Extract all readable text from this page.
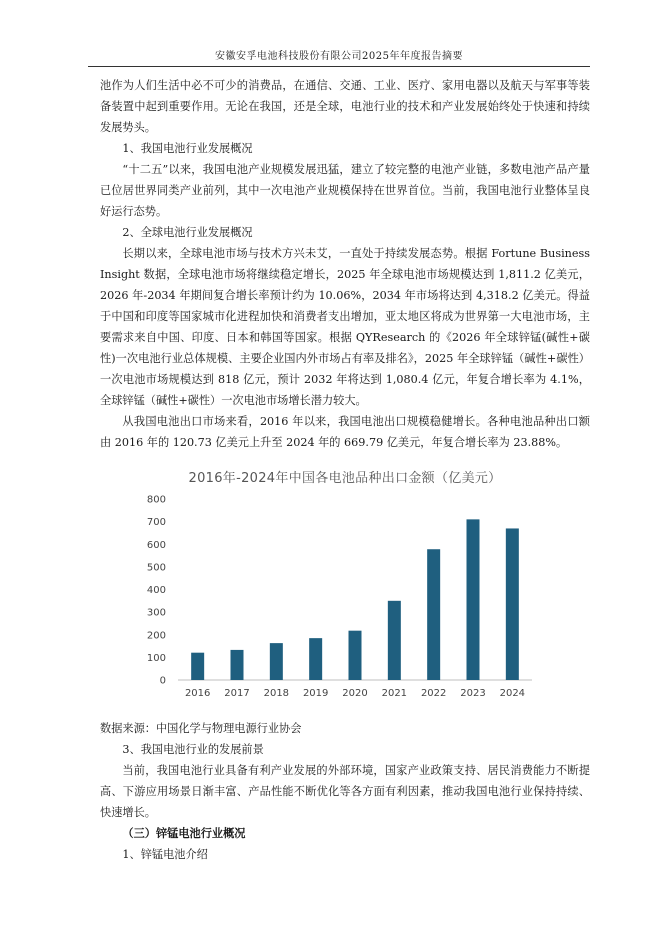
安徽安孚电池科技股份有限公司2025年年度报告摘要

池作为人们生活中必不可少的消费品，在通信、交通、工业、医疗、家用电器以及航天与军事等装备装置中起到重要作用。无论在我国，还是全球，电池行业的技术和产业发展始终处于快速和持续发展势头。

1、我国电池行业发展概况

“十二五”以来，我国电池产业规模发展迅猛，建立了较完整的电池产业链，多数电池产品产量已位居世界同类产业前列，其中一次电池产业规模保持在世界首位。当前，我国电池行业整体呈良好运行态势。

2、全球电池行业发展概况

长期以来，全球电池市场与技术方兴未艾，一直处于持续发展态势。根据 Fortune Business Insight 数据，全球电池市场将继续稳定增长，2025 年全球电池市场规模达到 1,811.2 亿美元，2026 年-2034 年期间复合增长率预计约为 10.06%，2034 年市场将达到 4,318.2 亿美元。得益于中国和印度等国家城市化进程加快和消费者支出增加，亚太地区将成为世界第一大电池市场，主要需求来自中国、印度、日本和韩国等国家。根据 QYResearch 的《2026 年全球锌锰(碱性+碳性)一次电池行业总体规模、主要企业国内外市场占有率及排名》，2025 年全球锌锰（碱性+碳性）一次电池市场规模达到 818 亿元，预计 2032 年将达到 1,080.4 亿元，年复合增长率为 4.1%，全球锌锰（碱性+碳性）一次电池市场增长潜力较大。

从我国电池出口市场来看，2016 年以来，我国电池出口规模稳健增长。各种电池品种出口额由 2016 年的 120.73 亿美元上升至 2024 年的 669.79 亿美元，年复合增长率为 23.88%。

2016年-2024年中国各电池品种出口金额（亿美元）
0
100
200
300
400
500
600
700
800
2016 2017 2018 2019 2020 2021 2022 2023 2024

数据来源：中国化学与物理电源行业协会

3、我国电池行业的发展前景

当前，我国电池行业具备有利产业发展的外部环境，国家产业政策支持、居民消费能力不断提高、下游应用场景日渐丰富、产品性能不断优化等各方面有利因素，推动我国电池行业保持持续、快速增长。

（三）锌锰电池行业概况

1、锌锰电池介绍
